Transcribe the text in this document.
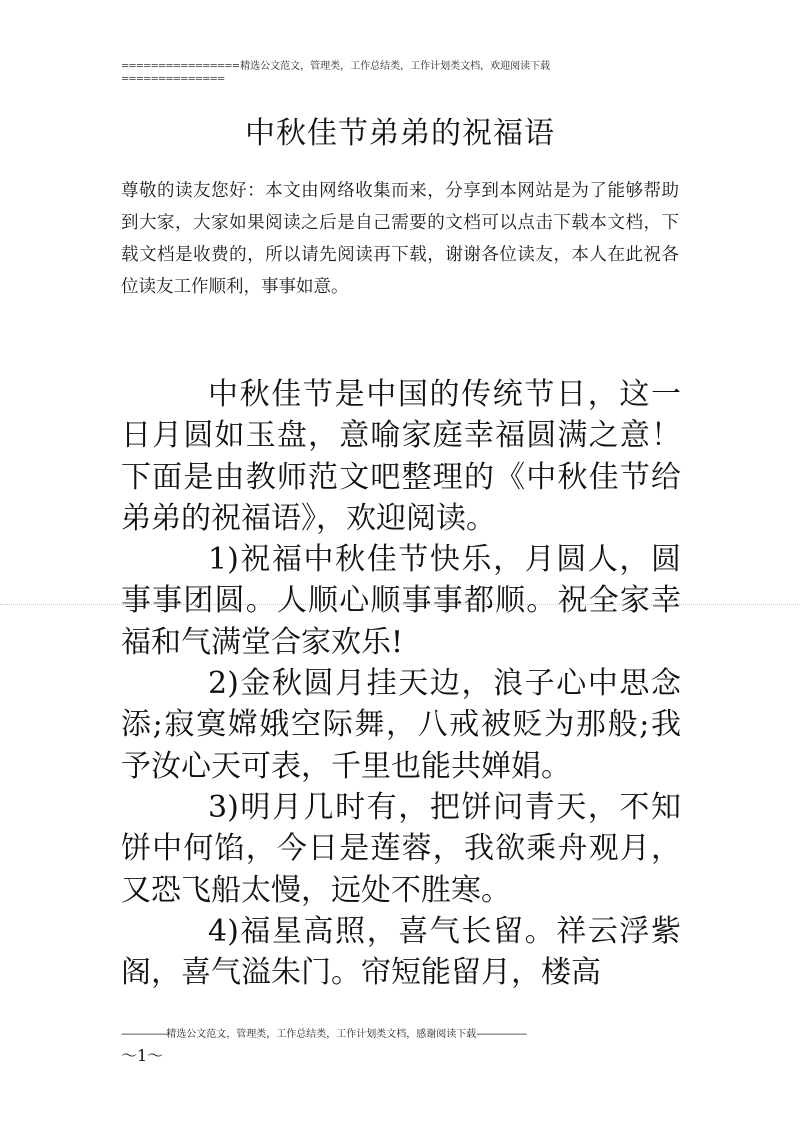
================精选公文范文，管理类，工作总结类，工作计划类文档，欢迎阅读下载
==============
中秋佳节弟弟的祝福语
尊敬的读友您好：本文由网络收集而来，分享到本网站是为了能够帮助到大家，大家如果阅读之后是自己需要的文档可以点击下载本文档，下载文档是收费的，所以请先阅读再下载，谢谢各位读友，本人在此祝各位读友工作顺利，事事如意。

中秋佳节是中国的传统节日，这一日月圆如玉盘，意喻家庭幸福圆满之意！下面是由教师范文吧整理的《中秋佳节给弟弟的祝福语》，欢迎阅读。

1)祝福中秋佳节快乐，月圆人，圆事事团圆。人顺心顺事事都顺。祝全家幸福和气满堂合家欢乐!

2)金秋圆月挂天边，浪子心中思念添;寂寞嫦娥空际舞，八戒被贬为那般;我予汝心天可表，千里也能共婵娟。

3)明月几时有，把饼问青天，不知饼中何馅，今日是莲蓉，我欲乘舟观月，又恐飞船太慢，远处不胜寒。

4)福星高照，喜气长留。祥云浮紫阁，喜气溢朱门。帘短能留月，楼高

-------------------精选公文范文，管理类，工作总结类，工作计划类文档，感谢阅读下载---------------------
～1～
